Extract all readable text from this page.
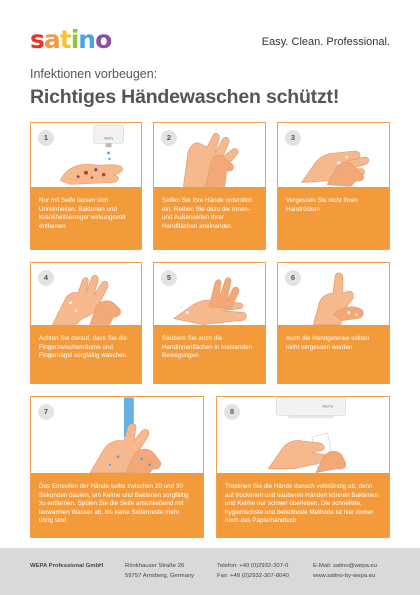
s a t i n o	Easy. Clean. Professional.
Infektionen vorbeugen:
Richtiges Händewaschen schützt!
1	WePa
Nur mit Seife lassen sich Unreinheiten, Bakterien und Krankheitserreger wirkungsvoll entfernen
2
Seifen Sie Ihre Hände ordentlich ein. Reiben Sie dazu die Innen- und Außenseiten Ihrer Handflächen aneinander.
3
Vergessen Sie nicht Ihren Handrücken
4
Achten Sie darauf, dass Sie die Fingerzwischenräume und Fingernägel sorgfältig waschen
5
Säubern Sie auch die Handinnenflächen in kreisenden Bewegungen
6
Auch die Handgelenke sollten nicht vergessen werden
7
Das Einseifen der Hände sollte zwischen 20 und 30 Sekunden dauern, um Keime und Bakterien sorgfältig zu entfernen. Spülen Sie die Seife anschließend mit lauwarmen Wasser ab, bis keine Seifenreste mehr übrig sind
8
WePa
Trocknen Sie die Hände danach vollständig ab, denn auf trockenen und sauberen Händen können Bakterien und Keime nur schwer überleben. Die schnellste, hygienischste und beliebteste Methode ist hier immer noch das Papierhandtuch
WEPA Professional GmbH	Rönkhauser Straße 26
59757 Arnsberg, Germany
Telefon: +49 (0)2932-307-0
Fax: +49 (0)2932-307-8040
E-Mail: satino@wepa.eu
www.satino-by-wepa.eu
